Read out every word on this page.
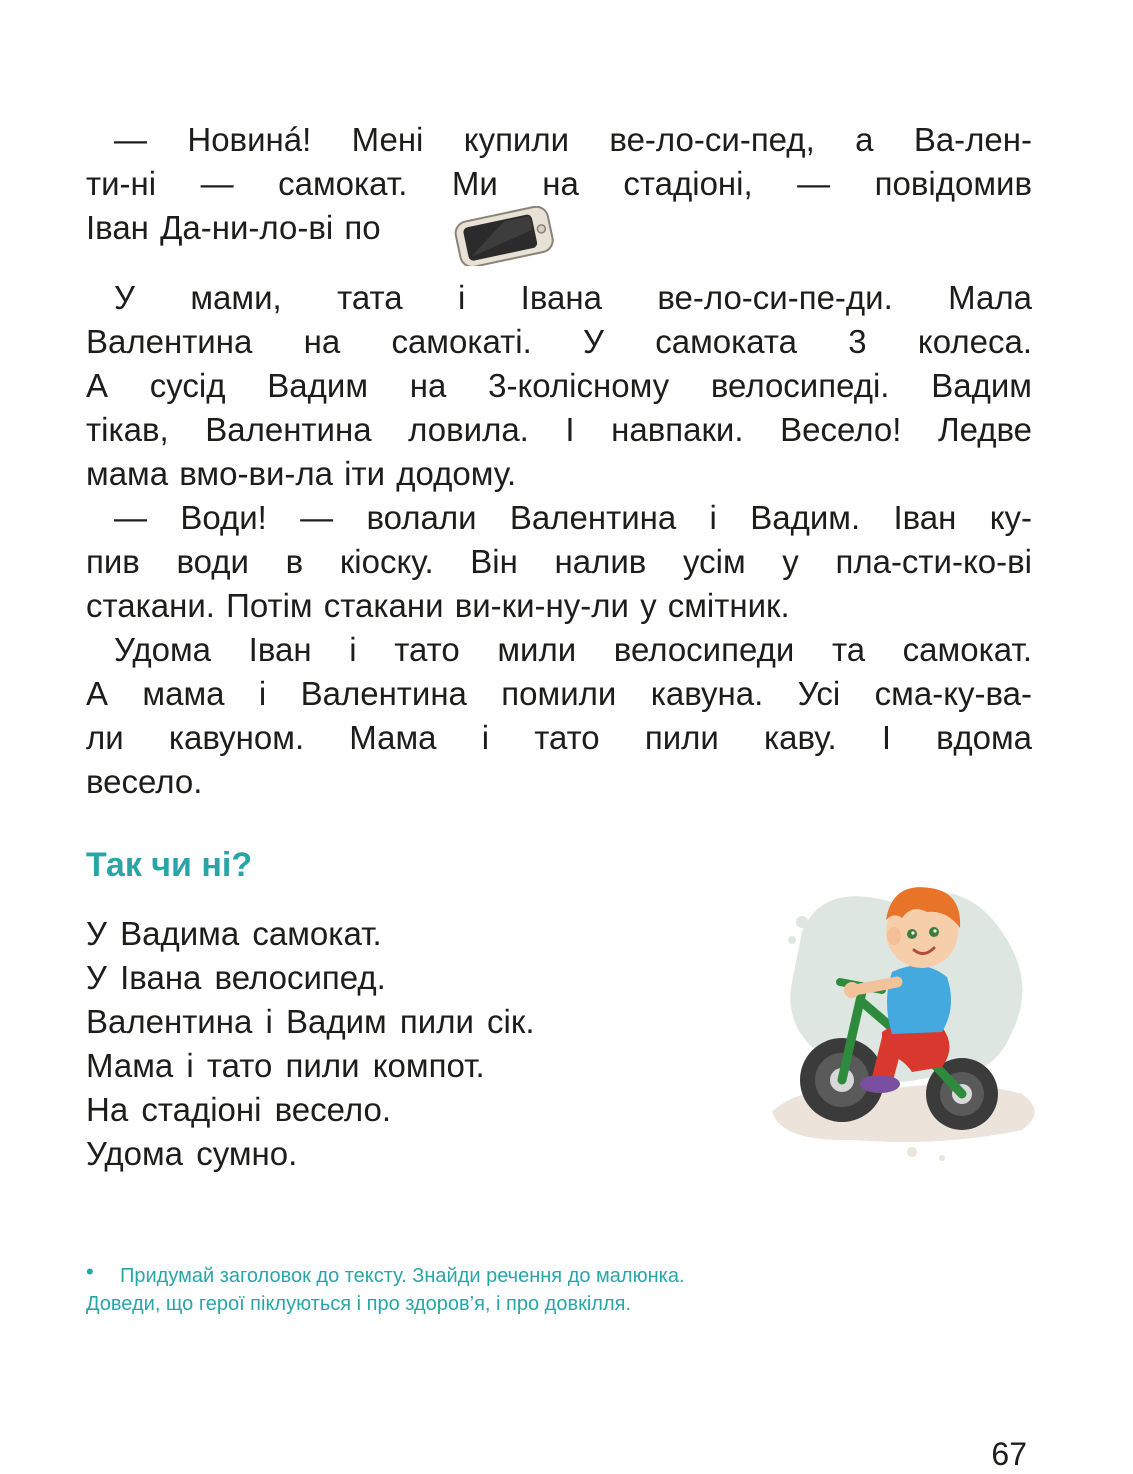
— Новинá! Мені купили ве-ло-си-пед, а Ва-лен-
ти-ні — самокат. Ми на стадіоні, — повідомив
Іван Да-ни-ло-ві по
У мами, тата і Івана ве-ло-си-пе-ди. Мала
Валентина на самокаті. У самоката 3 колеса.
А сусід Вадим на 3-колісному велосипеді. Вадим
тікав, Валентина ловила. І навпаки. Весело! Ледве
мама вмо-ви-ла іти додому.
— Води! — волали Валентина і Вадим. Іван ку-
пив води в кіоску. Він налив усім у пла-сти-ко-ві
стакани. Потім стакани ви-ки-ну-ли у смітник.
Удома Іван і тато мили велосипеди та самокат.
А мама і Валентина помили кавуна. Усі сма-ку-ва-
ли кавуном. Мама і тато пили каву. І вдома
весело.
Так чи ні?
У Вадима самокат.
У Івана велосипед.
Валентина і Вадим пили сік.
Мама і тато пили компот.
На стадіоні весело.
Удома сумно.
•	Придумай заголовок до тексту. Знайди речення до малюнка. Доведи, що герої піклуються і про здоров’я, і про довкілля.
67
